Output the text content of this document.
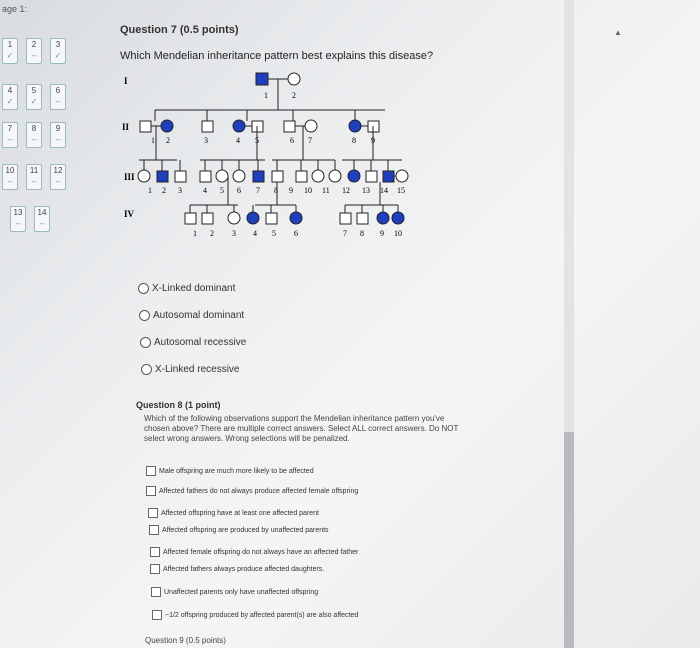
age 1:
1
✓
2
--
3
✓
4
✓
5
✓
6
--
7
--
8
--
9
--
10
--
11
--
12
--
13
--
14
--
▲
Question 7 (0.5 points)
Which Mendelian inheritance pattern best explains this disease?
I
II
III
IV
1	2
1 2	3	4 5	6 7	8 9
1 2 3	4 5 6 7 8 9 10 11 12 13 14 15
1 2 3 4 5 6	7 8 9 10
X-Linked dominant
Autosomal dominant
Autosomal recessive
X-Linked recessive
Question 8 (1 point)
Which of the following observations support the Mendelian inheritance pattern you've chosen above? There are multiple correct answers. Select ALL correct answers. Do NOT select wrong answers. Wrong selections will be penalized.
Male offspring are much more likely to be affected
Affected fathers do not always produce affected female offspring
Affected offspring have at least one affected parent
Affected offspring are produced by unaffected parents
Affected female offspring do not always have an affected father
Affected fathers always produce affected daughters.
Unaffected parents only have unaffected offspring
~1/2 offspring produced by affected parent(s) are also affected
Question 9 (0.5 points)
